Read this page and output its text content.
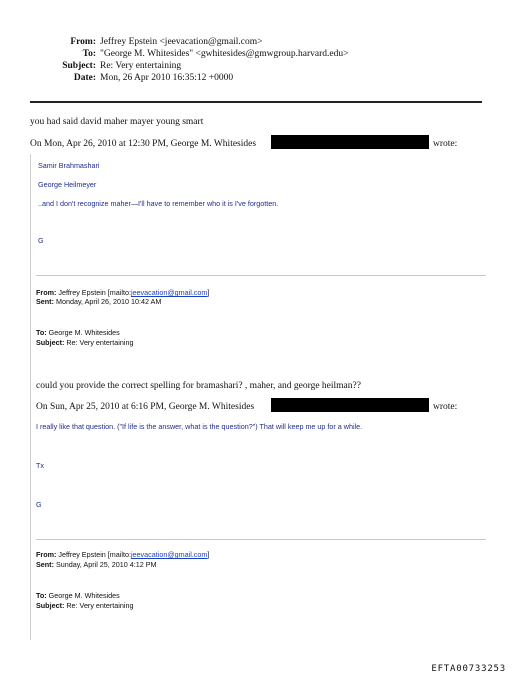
From: Jeffrey Epstein <jeevacation@gmail.com>
To: "George M. Whitesides" <gwhitesides@gmwgroup.harvard.edu>
Subject: Re: Very entertaining
Date: Mon, 26 Apr 2010 16:35:12 +0000
you had said david maher mayer young smart
On Mon, Apr 26, 2010 at 12:30 PM, George M. Whitesides	wrote:
Samir Brahmashari
George Heilmeyer
..and I don't recognize maher—I'll have to remember who it is I've forgotten.
G
From: Jeffrey Epstein [mailto:jeevacation@gmail.com]
Sent: Monday, April 26, 2010 10:42 AM
To: George M. Whitesides
Subject: Re: Very entertaining
could you provide the correct spelling for bramashari? , maher, and george heilman??
On Sun, Apr 25, 2010 at 6:16 PM, George M. Whitesides	wrote:
I really like that question. ("If life is the answer, what is the question?") That will keep me up for a while.
Tx
G
From: Jeffrey Epstein [mailto:jeevacation@gmail.com]
Sent: Sunday, April 25, 2010 4:12 PM
To: George M. Whitesides
Subject: Re: Very entertaining
EFTA00733253
